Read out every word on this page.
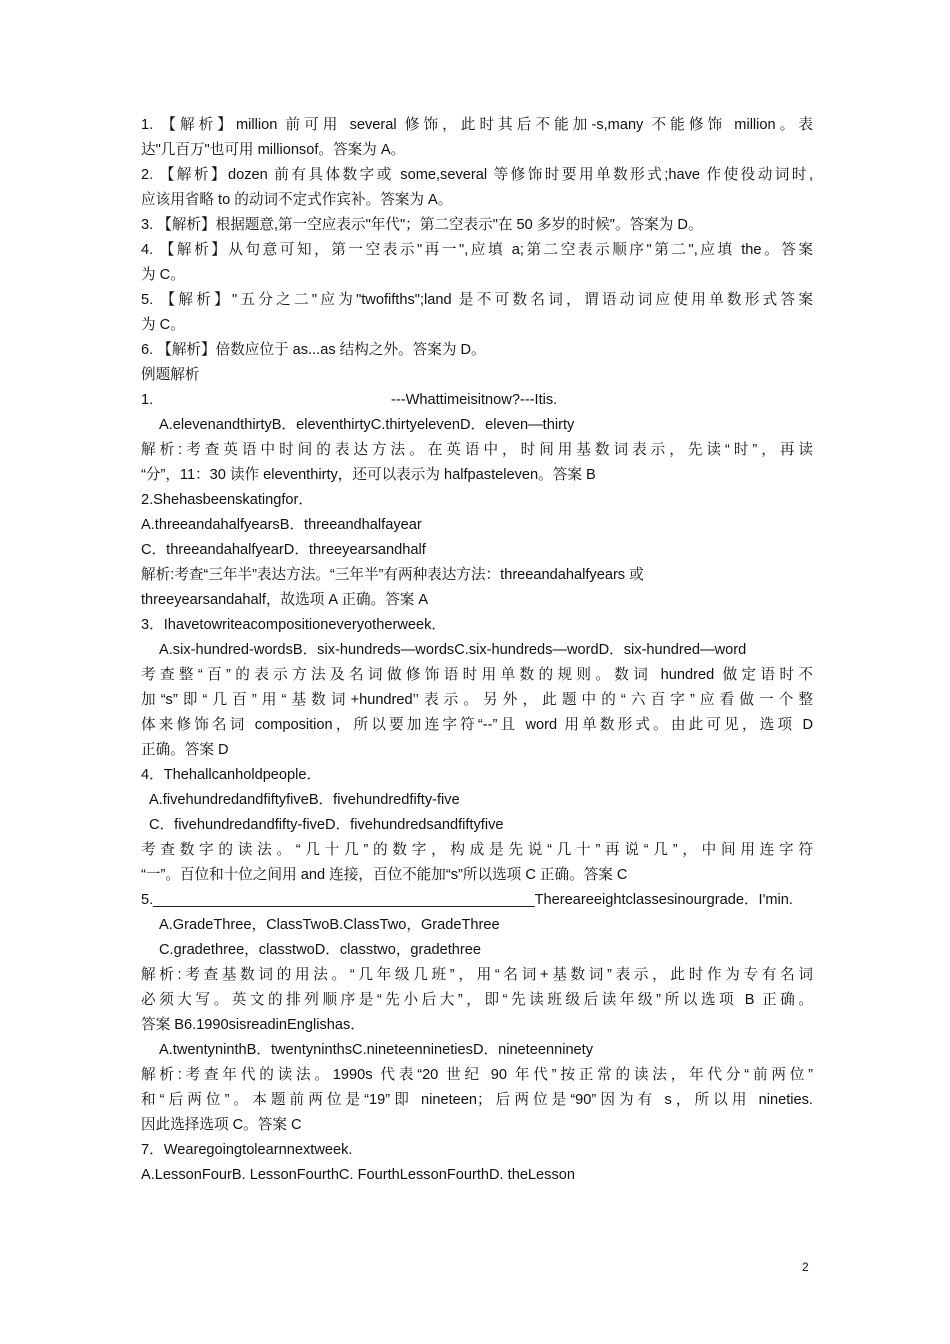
1. 【解析】million 前可用 several 修饰，此时其后不能加-s,many 不能修饰 million。表
达"几百万"也可用 millionsof。答案为 A。
2. 【解析】dozen 前有具体数字或 some,several 等修饰时要用单数形式;have 作使役动词时,
应该用省略 to 的动词不定式作宾补。答案为 A。
3. 【解析】根据题意,第一空应表示"年代"；第二空表示"在 50 多岁的时候"。答案为 D。
4. 【解析】从句意可知，第一空表示"再一",应填 a;第二空表示顺序"第二",应填 the。答案
为 C。
5. 【解析】"五分之二"应为"twofifths";land 是不可数名词，谓语动词应使用单数形式答案
为 C。
6. 【解析】倍数应位于 as...as 结构之外。答案为 D。
例题解析
1.	---Whattimeisitnow?---Itis.
A.elevenandthirtyB．eleventhirtyC.thirtyelevenD．eleven—thirty
解析:考查英语中时间的表达方法。在英语中，时间用基数词表示，先读“时”，再读
“分”，11：30 读作 eleventhirty，还可以表示为 halfpasteleven。答案 B
2.Shehasbeenskatingfor．
A.threeandahalfyearsB．threeandhalfayear
C．threeandahalfyearD．threeyearsandhalf
解析:考查“三年半”表达方法。“三年半”有两种表达方法：threeandahalfyears 或
threeyearsandahalf，故选项 A 正确。答案 A
3．Ihavetowriteacompositioneveryotherweek．
A.six-hundred-wordsB．six-hundreds—wordsC.six-hundreds—wordD．six-hundred—word
考查整“百”的表示方法及名词做修饰语时用单数的规则。数词 hundred 做定语时不
加“s”即“几百”用“基数词+hundred’’表示。另外，此题中的“六百字”应看做一个整
体来修饰名词 composition，所以要加连字符“--”且 word 用单数形式。由此可见，选项 D
正确。答案 D
4．Thehallcanholdpeople．
A.fivehundredandfiftyfiveB．fivehundredfifty-five
C．fivehundredandfifty-fiveD．fivehundredsandfiftyfive
考查数字的读法。“几十几”的数字，构成是先说“几十”再说“几”，中间用连字符
“一”。百位和十位之间用 and 连接，百位不能加“s”所以选项 C 正确。答案 C
5._______________________________________________Thereareeightclassesinourgrade．I'min.
A.GradeThree，ClassTwoB.ClassTwo，GradeThree
C.gradethree，classtwoD．classtwo，gradethree
解析:考查基数词的用法。“几年级几班”，用“名词+基数词”表示，此时作为专有名词
必须大写。英文的排列顺序是“先小后大”，即“先读班级后读年级”所以选项 B 正确。
答案 B6.1990sisreadinEnglishas．
A.twentyninthB．twentyninthsC.nineteenninetiesD．nineteenninety
解析:考查年代的读法。1990s 代表“20 世纪 90 年代”按正常的读法，年代分“前两位”
和“后两位”。本题前两位是“19”即 nineteen；后两位是“90”因为有 s，所以用 nineties.
因此选择选项 C。答案 C
7．Wearegoingtolearnnextweek.
A.LessonFourB. LessonFourthC. FourthLessonFourthD. theLesson
2
